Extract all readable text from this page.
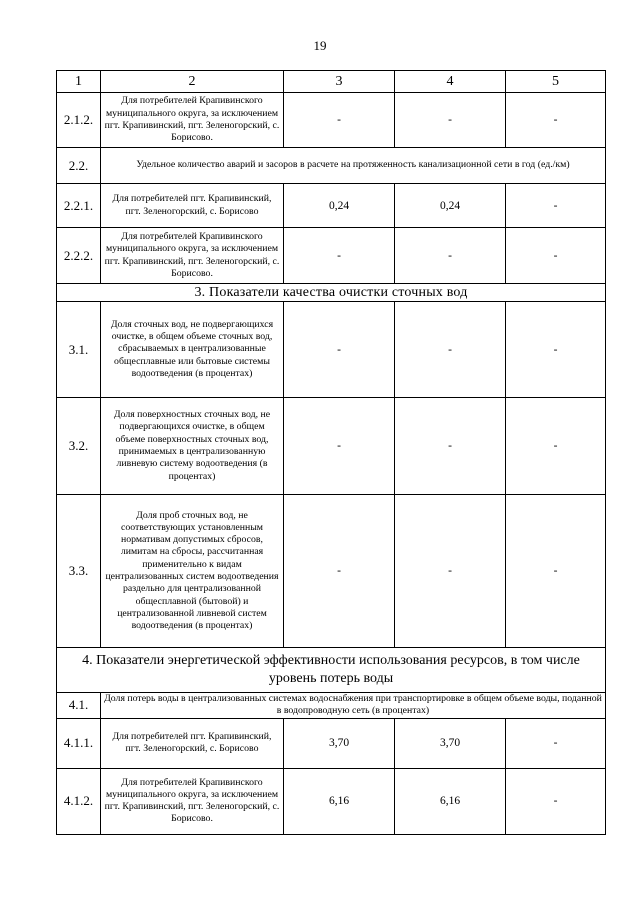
19
1	2	3	4	5
2.1.2.	Для потребителей Крапивинского муниципального округа, за исключением пгт. Крапивинский, пгт. Зеленогорский, с. Борисово.	-	-	-
2.2.	Удельное количество аварий и засоров в расчете на протяженность канализационной сети в год (ед./км)			
2.2.1.	Для потребителей пгт. Крапивинский, пгт. Зеленогорский, с. Борисово	0,24	0,24	-
2.2.2.	Для потребителей Крапивинского муниципального округа, за исключением пгт. Крапивинский, пгт. Зеленогорский, с. Борисово.	-	-	-
3. Показатели качества очистки сточных вод				
3.1.	Доля сточных вод, не подвергающихся очистке, в общем объеме сточных вод, сбрасываемых в централизованные общесплавные или бытовые системы водоотведения (в процентах)	-	-	-
3.2.	Доля поверхностных сточных вод, не подвергающихся очистке, в общем объеме поверхностных сточных вод, принимаемых в централизованную ливневую систему водоотведения (в процентах)	-	-	-
3.3.	Доля проб сточных вод, не соответствующих установленным нормативам допустимых сбросов, лимитам на сбросы, рассчитанная применительно к видам централизованных систем водоотведения раздельно для централизованной общесплавной (бытовой) и централизованной ливневой систем водоотведения (в процентах)	-	-	-
4. Показатели энергетической эффективности использования ресурсов, в том числе уровень потерь воды				
4.1.	Доля потерь воды в централизованных системах водоснабжения при транспортировке в общем объеме воды, поданной в водопроводную сеть (в процентах)			
4.1.1.	Для потребителей пгт. Крапивинский, пгт. Зеленогорский, с. Борисово	3,70	3,70	-
4.1.2.	Для потребителей Крапивинского муниципального округа, за исключением пгт. Крапивинский, пгт. Зеленогорский, с. Борисово.	6,16	6,16	-
